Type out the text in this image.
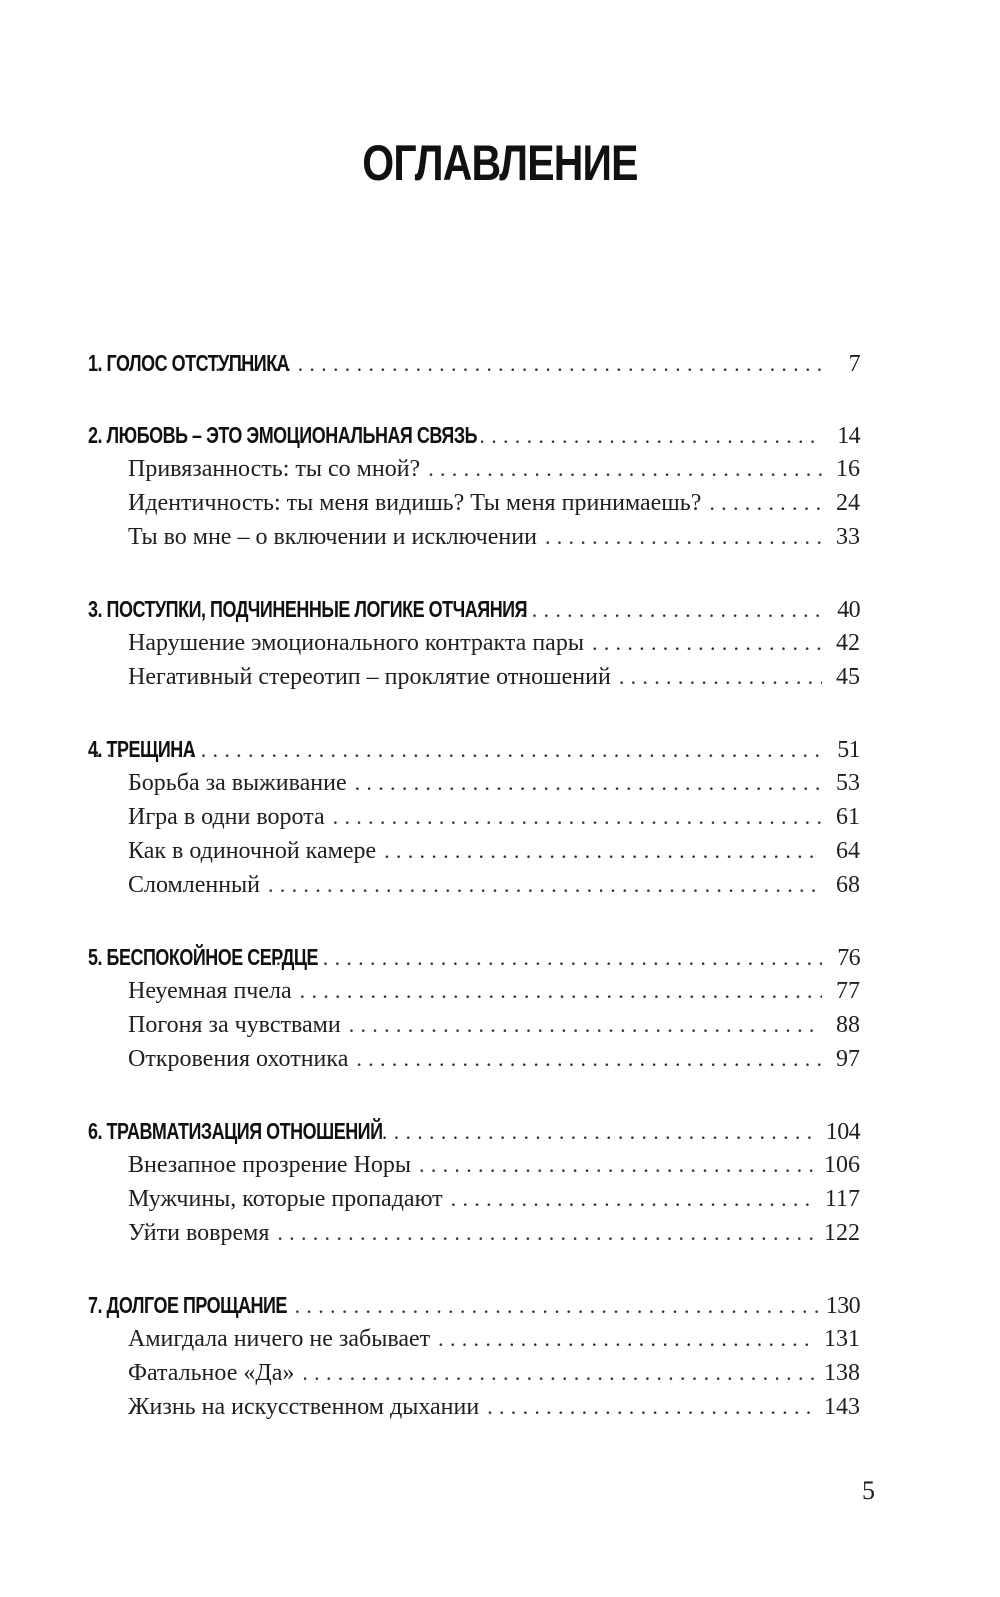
ОГЛАВЛЕНИЕ
1. ГОЛОС ОТСТУПНИКА . . .	7
2. ЛЮБОВЬ – ЭТО ЭМОЦИОНАЛЬНАЯ СВЯЗЬ . . .	14
Привязанность: ты со мной? . . .	16
Идентичность: ты меня видишь? Ты меня принимаешь? . . .	24
Ты во мне – о включении и исключении . . .	33
3. ПОСТУПКИ, ПОДЧИНЕННЫЕ ЛОГИКЕ ОТЧАЯНИЯ . . .	40
Нарушение эмоционального контракта пары . . .	42
Негативный стереотип – проклятие отношений . . .	45
4. ТРЕЩИНА . . .	51
Борьба за выживание . . .	53
Игра в одни ворота . . .	61
Как в одиночной камере . . .	64
Сломленный . . .	68
5. БЕСПОКОЙНОЕ СЕРДЦЕ . . .	76
Неуемная пчела . . .	77
Погоня за чувствами . . .	88
Откровения охотника . . .	97
6. ТРАВМАТИЗАЦИЯ ОТНОШЕНИЙ . . .	104
Внезапное прозрение Норы . . .	106
Мужчины, которые пропадают . . .	117
Уйти вовремя . . .	122
7. ДОЛГОЕ ПРОЩАНИЕ . . .	130
Амигдала ничего не забывает . . .	131
Фатальное «Да» . . .	138
Жизнь на искусственном дыхании . . .	143
5
